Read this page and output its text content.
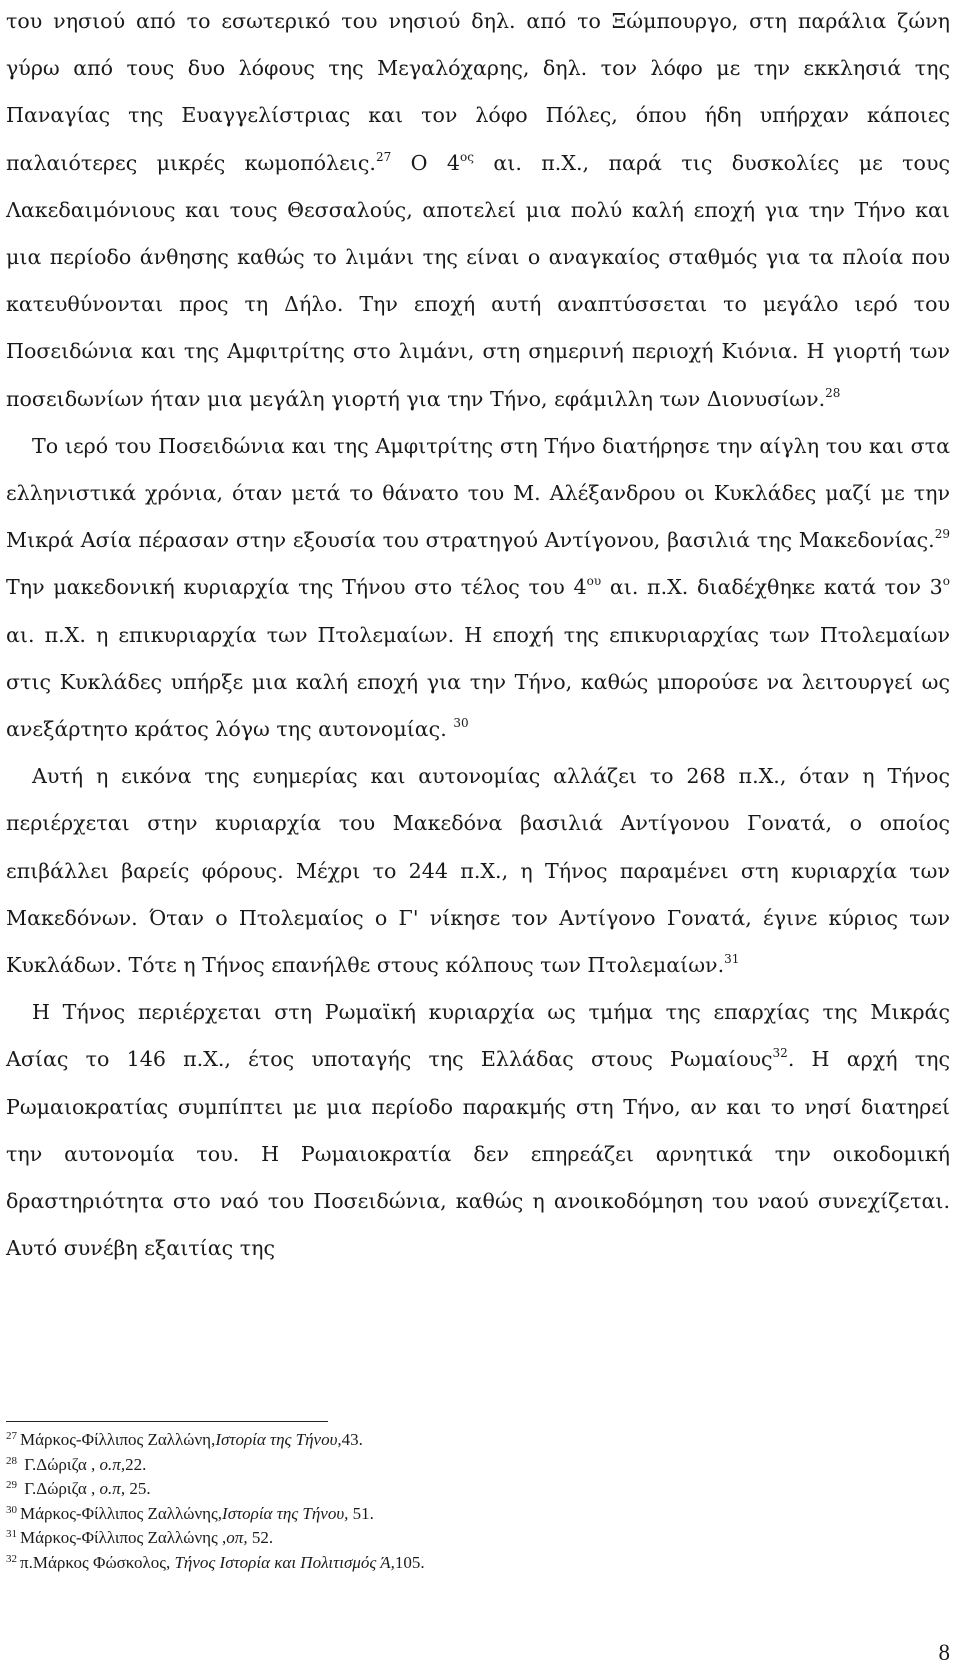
του νησιού από το εσωτερικό του νησιού δηλ. από το Ξώμπουργο, στη παράλια ζώνη γύρω από τους δυο λόφους της Μεγαλόχαρης, δηλ. τον λόφο με την εκκλησιά της Παναγίας της Ευαγγελίστριας και τον λόφο Πόλες, όπου ήδη υπήρχαν κάποιες παλαιότερες μικρές κωμοπόλεις.$^{27}$ Ο $4^{o\varsigma}$ αι. π.Χ., παρά τις δυσκολίες με τους Λακεδαιμόνιους και τους Θεσσαλούς, αποτελεί μια πολύ καλή εποχή για την Τήνο και μια περίοδο άνθησης καθώς το λιμάνι της είναι ο αναγκαίος σταθμός για τα πλοία που κατευθύνονται προς τη Δήλο. Την εποχή αυτή αναπτύσσεται το μεγάλο ιερό του Ποσειδώνια και της Αμφιτρίτης στο λιμάνι, στη σημερινή περιοχή Κιόνια. Η γιορτή των ποσειδωνίων ήταν μια μεγάλη γιορτή για την Τήνο, εφάμιλλη των Διονυσίων.$^{28}$

Το ιερό του Ποσειδώνια και της Αμφιτρίτης στη Τήνο διατήρησε την αίγλη του και στα ελληνιστικά χρόνια, όταν μετά το θάνατο του Μ. Αλέξανδρου οι Κυκλάδες μαζί με την Μικρά Ασία πέρασαν στην εξουσία του στρατηγού Αντίγονου, βασιλιά της Μακεδονίας.$^{29}$ Την μακεδονική κυριαρχία της Τήνου στο τέλος του $4^{o\upsilon}$ αι. π.Χ. διαδέχθηκε κατά τον $3^o$ αι. π.Χ. η επικυριαρχία των Πτολεμαίων. Η εποχή της επικυριαρχίας των Πτολεμαίων στις Κυκλάδες υπήρξε μια καλή εποχή για την Τήνο, καθώς μπορούσε να λειτουργεί ως ανεξάρτητο κράτος λόγω της αυτονομίας. $^{30}$

Αυτή η εικόνα της ευημερίας και αυτονομίας αλλάζει το 268 π.Χ., όταν η Τήνος περιέρχεται στην κυριαρχία του Μακεδόνα βασιλιά Αντίγονου Γονατά, ο οποίος επιβάλλει βαρείς φόρους. Μέχρι το 244 π.Χ., η Τήνος παραμένει στη κυριαρχία των Μακεδόνων. Όταν ο Πτολεμαίος ο Γ' νίκησε τον Αντίγονο Γονατά, έγινε κύριος των Κυκλάδων. Τότε η Τήνος επανήλθε στους κόλπους των Πτολεμαίων.$^{31}$

Η Τήνος περιέρχεται στη Ρωμαϊκή κυριαρχία ως τμήμα της επαρχίας της Μικράς Ασίας το 146 π.Χ., έτος υποταγής της Ελλάδας στους Ρωμαίους$^{32}$. Η αρχή της Ρωμαιοκρατίας συμπίπτει με μια περίοδο παρακμής στη Τήνο, αν και το νησί διατηρεί την αυτονομία του. Η Ρωμαιοκρατία δεν επηρεάζει αρνητικά την οικοδομική δραστηριότητα στο ναό του Ποσειδώνια, καθώς η ανοικοδόμηση του ναού συνεχίζεται. Αυτό συνέβη εξαιτίας της

$^{27}$ Μάρκος-Φίλλιπος Ζαλλώνη,Ιστορία της Τήνου,43.
$^{28}$ Γ.Δώριζα , ο.π,22.
$^{29}$ Γ.Δώριζα , ο.π, 25.
$^{30}$ Μάρκος-Φίλλιπος Ζαλλώνης,Ιστορία της Τήνου, 51.
$^{31}$ Μάρκος-Φίλλιπος Ζαλλώνης ,οπ, 52.
$^{32}$ π.Μάρκος Φώσκολος, Τήνος Ιστορία και Πολιτισμός Ά,105.
8
